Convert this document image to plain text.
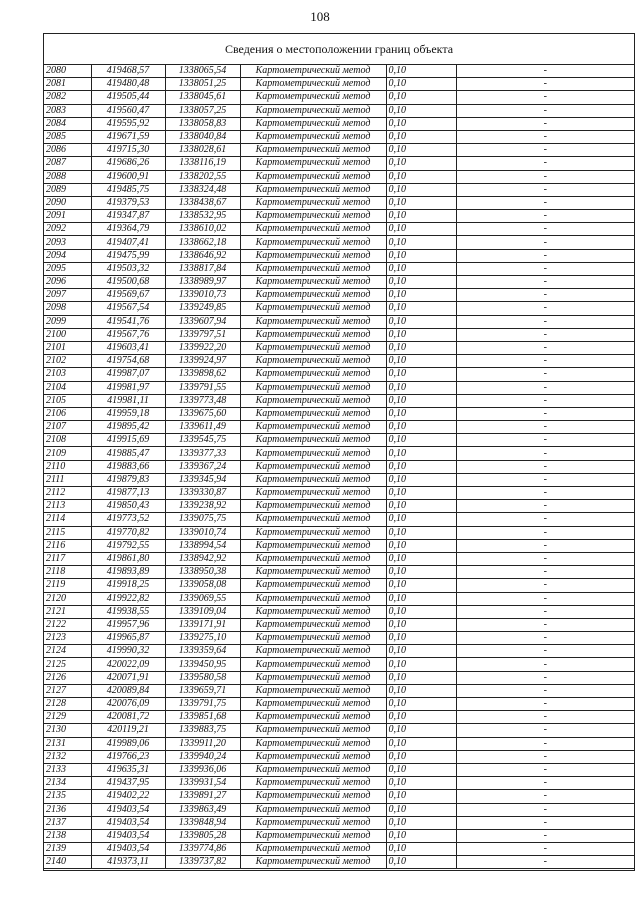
108
Сведения о местоположении границ объекта
2080	419468,57	1338065,54	Картометрический метод	0,10	-
2081	419480,48	1338051,25	Картометрический метод	0,10	-
2082	419505,44	1338045,61	Картометрический метод	0,10	-
2083	419560,47	1338057,25	Картометрический метод	0,10	-
2084	419595,92	1338058,83	Картометрический метод	0,10	-
2085	419671,59	1338040,84	Картометрический метод	0,10	-
2086	419715,30	1338028,61	Картометрический метод	0,10	-
2087	419686,26	1338116,19	Картометрический метод	0,10	-
2088	419600,91	1338202,55	Картометрический метод	0,10	-
2089	419485,75	1338324,48	Картометрический метод	0,10	-
2090	419379,53	1338438,67	Картометрический метод	0,10	-
2091	419347,87	1338532,95	Картометрический метод	0,10	-
2092	419364,79	1338610,02	Картометрический метод	0,10	-
2093	419407,41	1338662,18	Картометрический метод	0,10	-
2094	419475,99	1338646,92	Картометрический метод	0,10	-
2095	419503,32	1338817,84	Картометрический метод	0,10	-
2096	419500,68	1338989,97	Картометрический метод	0,10	-
2097	419569,67	1339010,73	Картометрический метод	0,10	-
2098	419567,54	1339249,85	Картометрический метод	0,10	-
2099	419541,76	1339607,94	Картометрический метод	0,10	-
2100	419567,76	1339797,51	Картометрический метод	0,10	-
2101	419603,41	1339922,20	Картометрический метод	0,10	-
2102	419754,68	1339924,97	Картометрический метод	0,10	-
2103	419987,07	1339898,62	Картометрический метод	0,10	-
2104	419981,97	1339791,55	Картометрический метод	0,10	-
2105	419981,11	1339773,48	Картометрический метод	0,10	-
2106	419959,18	1339675,60	Картометрический метод	0,10	-
2107	419895,42	1339611,49	Картометрический метод	0,10	-
2108	419915,69	1339545,75	Картометрический метод	0,10	-
2109	419885,47	1339377,33	Картометрический метод	0,10	-
2110	419883,66	1339367,24	Картометрический метод	0,10	-
2111	419879,83	1339345,94	Картометрический метод	0,10	-
2112	419877,13	1339330,87	Картометрический метод	0,10	-
2113	419850,43	1339238,92	Картометрический метод	0,10	-
2114	419773,52	1339075,75	Картометрический метод	0,10	-
2115	419770,82	1339010,74	Картометрический метод	0,10	-
2116	419792,55	1338994,54	Картометрический метод	0,10	-
2117	419861,80	1338942,92	Картометрический метод	0,10	-
2118	419893,89	1338950,38	Картометрический метод	0,10	-
2119	419918,25	1339058,08	Картометрический метод	0,10	-
2120	419922,82	1339069,55	Картометрический метод	0,10	-
2121	419938,55	1339109,04	Картометрический метод	0,10	-
2122	419957,96	1339171,91	Картометрический метод	0,10	-
2123	419965,87	1339275,10	Картометрический метод	0,10	-
2124	419990,32	1339359,64	Картометрический метод	0,10	-
2125	420022,09	1339450,95	Картометрический метод	0,10	-
2126	420071,91	1339580,58	Картометрический метод	0,10	-
2127	420089,84	1339659,71	Картометрический метод	0,10	-
2128	420076,09	1339791,75	Картометрический метод	0,10	-
2129	420081,72	1339851,68	Картометрический метод	0,10	-
2130	420119,21	1339883,75	Картометрический метод	0,10	-
2131	419989,06	1339911,20	Картометрический метод	0,10	-
2132	419766,23	1339940,24	Картометрический метод	0,10	-
2133	419635,31	1339936,06	Картометрический метод	0,10	-
2134	419437,95	1339931,54	Картометрический метод	0,10	-
2135	419402,22	1339891,27	Картометрический метод	0,10	-
2136	419403,54	1339863,49	Картометрический метод	0,10	-
2137	419403,54	1339848,94	Картометрический метод	0,10	-
2138	419403,54	1339805,28	Картометрический метод	0,10	-
2139	419403,54	1339774,86	Картометрический метод	0,10	-
2140	419373,11	1339737,82	Картометрический метод	0,10	-
